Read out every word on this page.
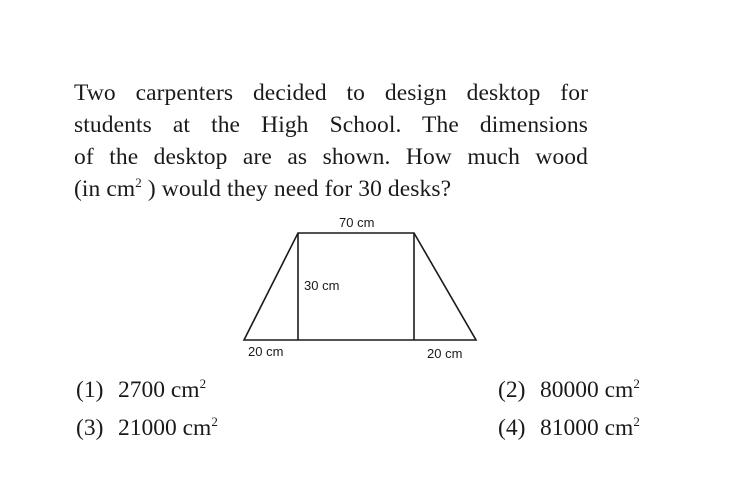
Two carpenters decided to design desktop for
students at the High School. The dimensions
of the desktop are as shown. How much wood
(in $cm^2$ ) would they need for 30 desks?
70 cm
30 cm
20 cm	20 cm
(1) 2700 $cm^2$	(2) 80000 $cm^2$
(3) 21000 $cm^2$	(4) 81000 $cm^2$
